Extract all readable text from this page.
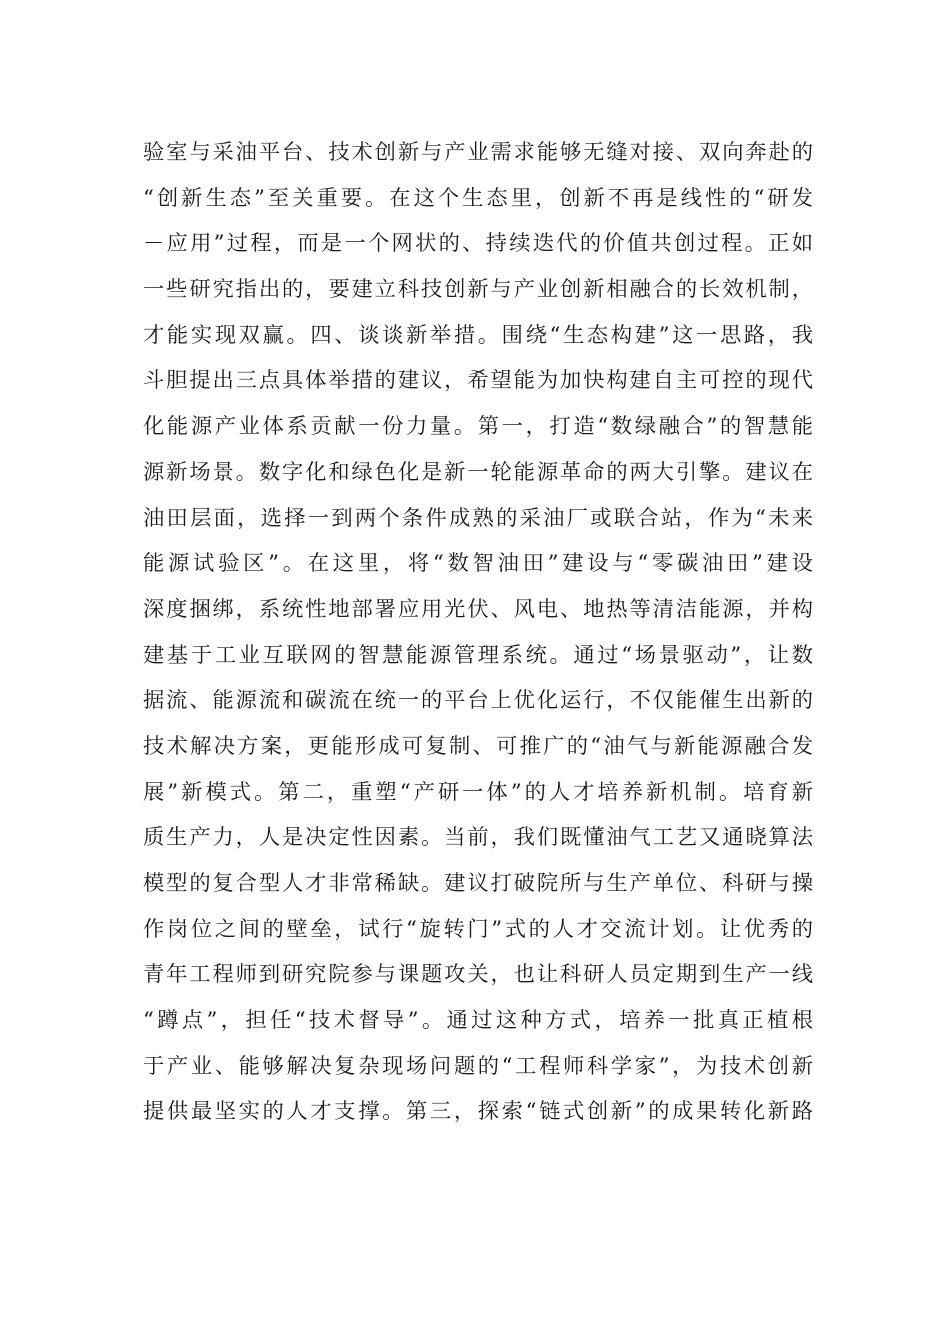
验室与采油平台、技术创新与产业需求能够无缝对接、双向奔赴的
“创新生态”至关重要。在这个生态里，创新不再是线性的“研发
－应用”过程，而是一个网状的、持续迭代的价值共创过程。正如
一些研究指出的，要建立科技创新与产业创新相融合的长效机制，
才能实现双赢。四、谈谈新举措。围绕“生态构建”这一思路，我
斗胆提出三点具体举措的建议，希望能为加快构建自主可控的现代
化能源产业体系贡献一份力量。第一，打造“数绿融合”的智慧能
源新场景。数字化和绿色化是新一轮能源革命的两大引擎。建议在
油田层面，选择一到两个条件成熟的采油厂或联合站，作为“未来
能源试验区”。在这里，将“数智油田”建设与“零碳油田”建设
深度捆绑，系统性地部署应用光伏、风电、地热等清洁能源，并构
建基于工业互联网的智慧能源管理系统。通过“场景驱动”，让数
据流、能源流和碳流在统一的平台上优化运行，不仅能催生出新的
技术解决方案，更能形成可复制、可推广的“油气与新能源融合发
展”新模式。第二，重塑“产研一体”的人才培养新机制。培育新
质生产力，人是决定性因素。当前，我们既懂油气工艺又通晓算法
模型的复合型人才非常稀缺。建议打破院所与生产单位、科研与操
作岗位之间的壁垒，试行“旋转门”式的人才交流计划。让优秀的
青年工程师到研究院参与课题攻关，也让科研人员定期到生产一线
“蹲点”，担任“技术督导”。通过这种方式，培养一批真正植根
于产业、能够解决复杂现场问题的“工程师科学家”，为技术创新
提供最坚实的人才支撑。第三，探索“链式创新”的成果转化新路
